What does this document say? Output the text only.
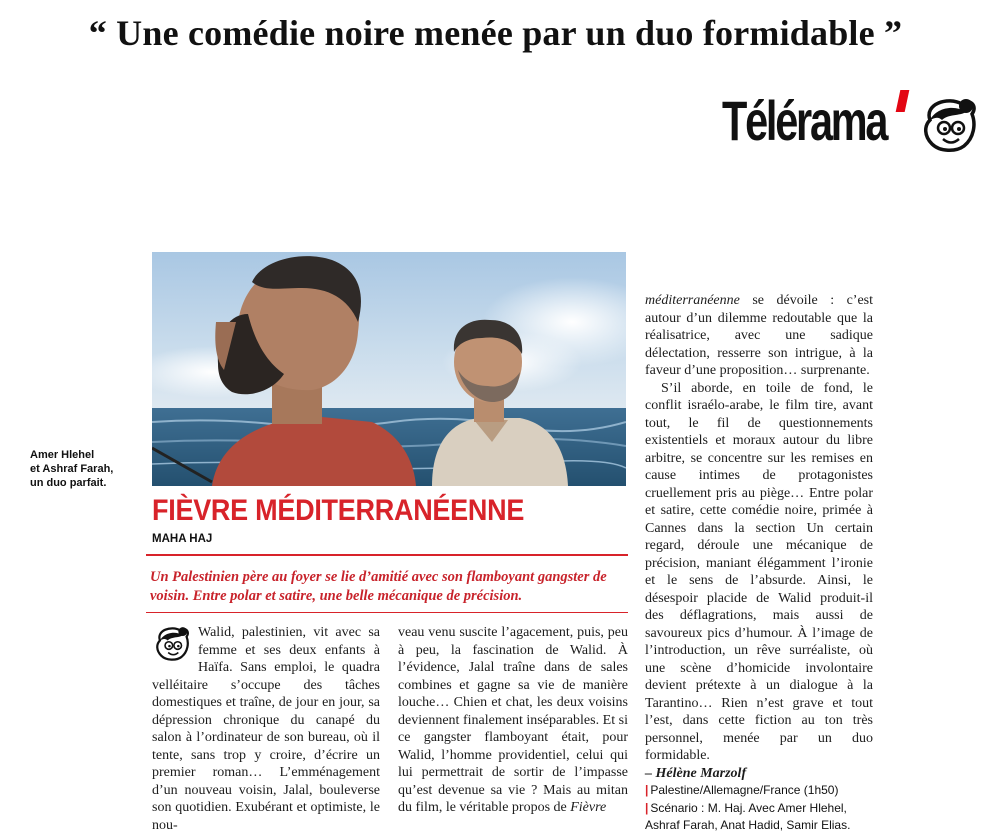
“ Une comédie noire menée par un duo formidable ”
Télérama
Amer Hlehel
et Ashraf Farah,
un duo parfait.
FIÈVRE MÉDITERRANÉENNE
MAHA HAJ
Un Palestinien père au foyer se lie d’amitié avec son flamboyant gangster de voisin. Entre polar et satire, une belle mécanique de précision.

Walid, palestinien, vit avec sa femme et ses deux enfants à Haïfa. Sans emploi, le quadra velléitaire s’occupe des tâches domestiques et traîne, de jour en jour, sa dépression chronique du canapé du salon à l’ordinateur de son bureau, où il tente, sans trop y croire, d’écrire un premier roman… L’emménagement d’un nouveau voisin, Jalal, bouleverse son quotidien. Exubérant et optimiste, le nou-

veau venu suscite l’agacement, puis, peu à peu, la fascination de Walid. À l’évidence, Jalal traîne dans de sales combines et gagne sa vie de manière louche… Chien et chat, les deux voisins deviennent finalement inséparables. Et si ce gangster flamboyant était, pour Walid, l’homme providentiel, celui qui lui permettrait de sortir de l’impasse qu’est devenue sa vie ? Mais au mitan du film, le véritable propos de Fièvre

méditerranéenne se dévoile : c’est autour d’un dilemme redoutable que la réalisatrice, avec une sadique délectation, resserre son intrigue, à la faveur d’une proposition… surprenante.

S’il aborde, en toile de fond, le conflit israélo-arabe, le film tire, avant tout, le fil de questionnements existentiels et moraux autour du libre arbitre, se concentre sur les remises en cause intimes de protagonistes cruellement pris au piège… Entre polar et satire, cette comédie noire, primée à Cannes dans la section Un certain regard, déroule une mécanique de précision, maniant élégamment l’ironie et le sens de l’absurde. Ainsi, le désespoir placide de Walid produit-il des déflagrations, mais aussi de savoureux pics d’humour. À l’image de l’introduction, un rêve surréaliste, où une scène d’homicide involontaire devient prétexte à un dialogue à la Tarantino… Rien n’est grave et tout l’est, dans cette fiction au ton très personnel, menée par un duo formidable.

– Hélène Marzolf
| Palestine/Allemagne/France (1h50)
| Scénario : M. Haj. Avec Amer Hlehel,
Ashraf Farah, Anat Hadid, Samir Elias.
